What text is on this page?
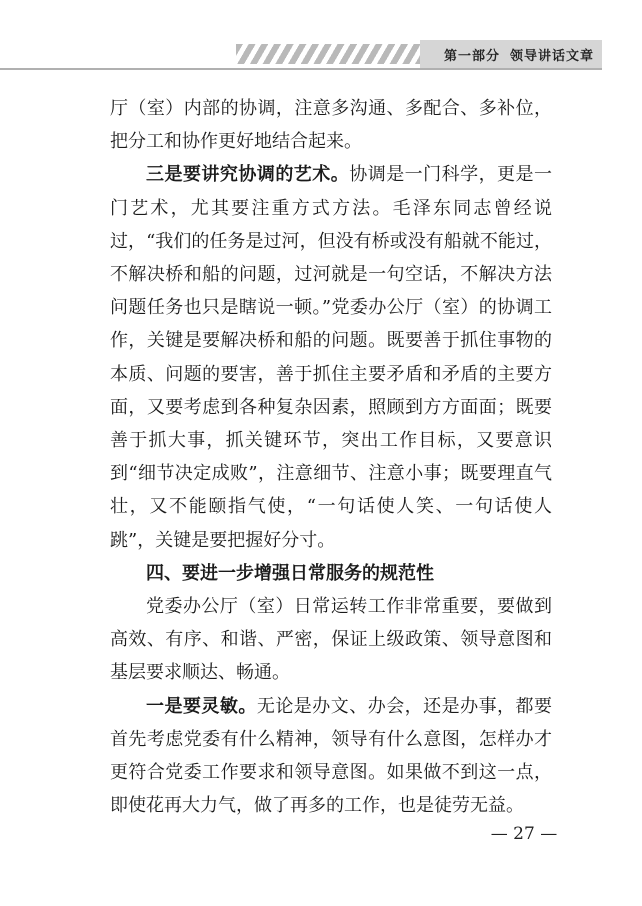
第一部分 领导讲话文章

厅（室）内部的协调，注意多沟通、多配合、多补位，把分工和协作更好地结合起来。

三是要讲究协调的艺术。协调是一门科学，更是一门艺术，尤其要注重方式方法。毛泽东同志曾经说过，“我们的任务是过河，但没有桥或没有船就不能过，不解决桥和船的问题，过河就是一句空话，不解决方法问题任务也只是瞎说一顿。”党委办公厅（室）的协调工作，关键是要解决桥和船的问题。既要善于抓住事物的本质、问题的要害，善于抓住主要矛盾和矛盾的主要方面，又要考虑到各种复杂因素，照顾到方方面面；既要善于抓大事，抓关键环节，突出工作目标，又要意识到“细节决定成败”，注意细节、注意小事；既要理直气壮，又不能颐指气使，“一句话使人笑、一句话使人跳”，关键是要把握好分寸。

四、要进一步增强日常服务的规范性

党委办公厅（室）日常运转工作非常重要，要做到高效、有序、和谐、严密，保证上级政策、领导意图和基层要求顺达、畅通。

一是要灵敏。无论是办文、办会，还是办事，都要首先考虑党委有什么精神，领导有什么意图，怎样办才更符合党委工作要求和领导意图。如果做不到这一点，即使花再大力气，做了再多的工作，也是徒劳无益。

— 27 —
